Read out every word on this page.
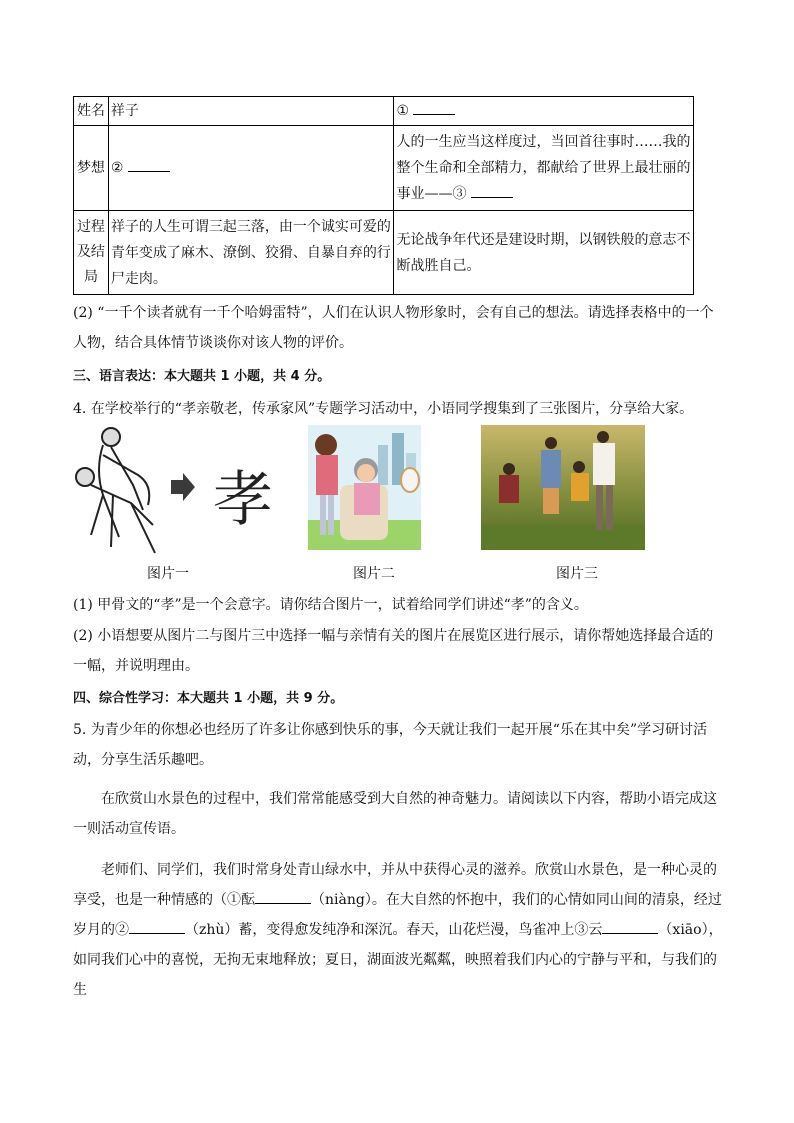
姓名	祥子	①
梦想	②	人的一生应当这样度过，当回首往事时……我的整个生命和全部精力，都献给了世界上最壮丽的事业——③
过程及结局	祥子的人生可谓三起三落，由一个诚实可爱的青年变成了麻木、潦倒、狡猾、自暴自弃的行尸走肉。	无论战争年代还是建设时期，以钢铁般的意志不断战胜自己。

(2) “一千个读者就有一千个哈姆雷特”，人们在认识人物形象时，会有自己的想法。请选择表格中的一个人物，结合具体情节谈谈你对该人物的评价。

三、语言表达：本大题共 1 小题，共 4 分。

4. 在学校举行的“孝亲敬老，传承家风”专题学习活动中，小语同学搜集到了三张图片，分享给大家。

孝
图片一	图片二	图片三

(1) 甲骨文的“孝”是一个会意字。请你结合图片一，试着给同学们讲述“孝”的含义。

(2) 小语想要从图片二与图片三中选择一幅与亲情有关的图片在展览区进行展示，请你帮她选择最合适的一幅，并说明理由。

四、综合性学习：本大题共 1 小题，共 9 分。

5. 为青少年的你想必也经历了许多让你感到快乐的事，今天就让我们一起开展“乐在其中矣”学习研讨活动，分享生活乐趣吧。

在欣赏山水景色的过程中，我们常常能感受到大自然的神奇魅力。请阅读以下内容，帮助小语完成这一则活动宣传语。

老师们、同学们，我们时常身处青山绿水中，并从中获得心灵的滋养。欣赏山水景色，是一种心灵的享受，也是一种情感的（①酝	（niàng）。在大自然的怀抱中，我们的心情如同山间的清泉，经过岁月的②	（zhù）蓄，变得愈发纯净和深沉。春天，山花烂漫，鸟雀冲上③云	（xiāo），如同我们心中的喜悦，无拘无束地释放；夏日，湖面波光粼粼，映照着我们内心的宁静与平和，与我们的生
